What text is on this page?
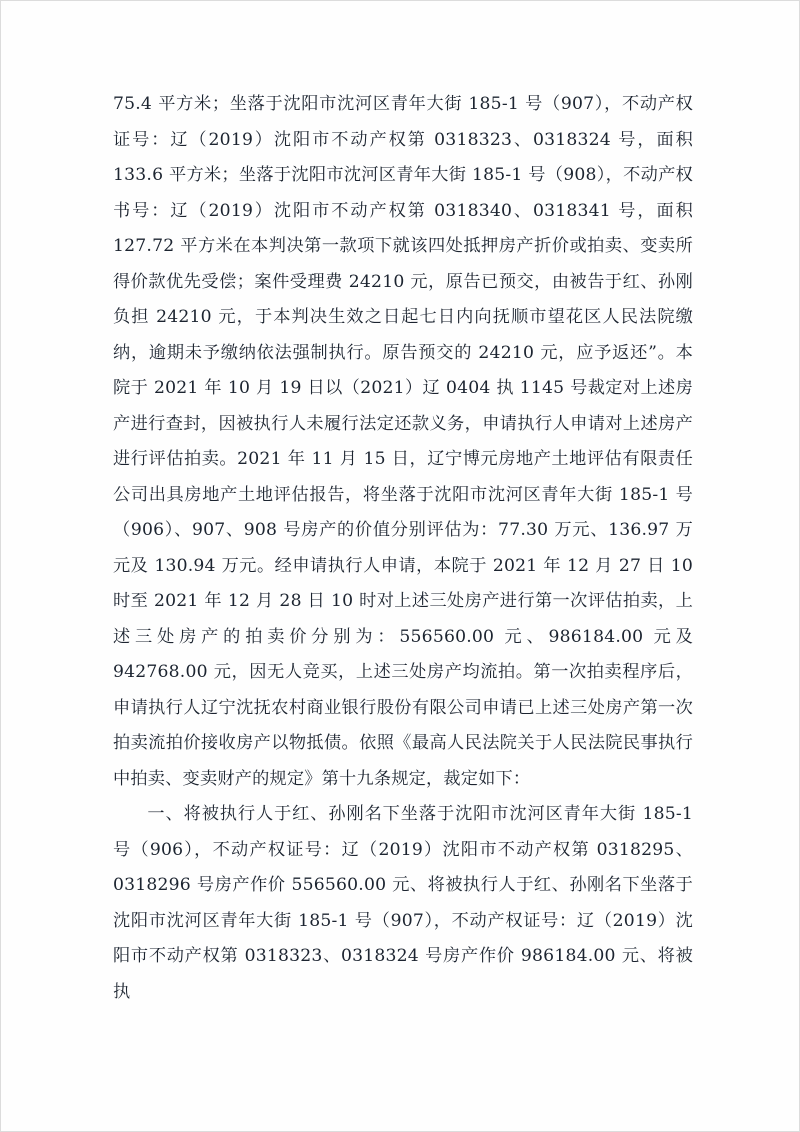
75.4 平方米；坐落于沈阳市沈河区青年大街 185-1 号（907），不动产权证号：辽（2019）沈阳市不动产权第 0318323、0318324 号，面积 133.6 平方米；坐落于沈阳市沈河区青年大街 185-1 号（908），不动产权书号：辽（2019）沈阳市不动产权第 0318340、0318341 号，面积 127.72 平方米在本判决第一款项下就该四处抵押房产折价或拍卖、变卖所得价款优先受偿；案件受理费 24210 元，原告已预交，由被告于红、孙刚负担 24210 元，于本判决生效之日起七日内向抚顺市望花区人民法院缴纳，逾期未予缴纳依法强制执行。原告预交的 24210 元，应予返还”。本院于 2021 年 10 月 19 日以（2021）辽 0404 执 1145 号裁定对上述房产进行查封，因被执行人未履行法定还款义务，申请执行人申请对上述房产进行评估拍卖。2021 年 11 月 15 日，辽宁博元房地产土地评估有限责任公司出具房地产土地评估报告，将坐落于沈阳市沈河区青年大街 185-1 号（906）、907、908 号房产的价值分别评估为：77.30 万元、136.97 万元及 130.94 万元。经申请执行人申请，本院于 2021 年 12 月 27 日 10 时至 2021 年 12 月 28 日 10 时对上述三处房产进行第一次评估拍卖，上述三处房产的拍卖价分别为：556560.00 元、986184.00 元及 942768.00 元，因无人竞买，上述三处房产均流拍。第一次拍卖程序后，申请执行人辽宁沈抚农村商业银行股份有限公司申请已上述三处房产第一次拍卖流拍价接收房产以物抵债。依照《最高人民法院关于人民法院民事执行中拍卖、变卖财产的规定》第十九条规定，裁定如下：

一、将被执行人于红、孙刚名下坐落于沈阳市沈河区青年大街 185-1 号（906），不动产权证号：辽（2019）沈阳市不动产权第 0318295、0318296 号房产作价 556560.00 元、将被执行人于红、孙刚名下坐落于沈阳市沈河区青年大街 185-1 号（907），不动产权证号：辽（2019）沈阳市不动产权第 0318323、0318324 号房产作价 986184.00 元、将被执
